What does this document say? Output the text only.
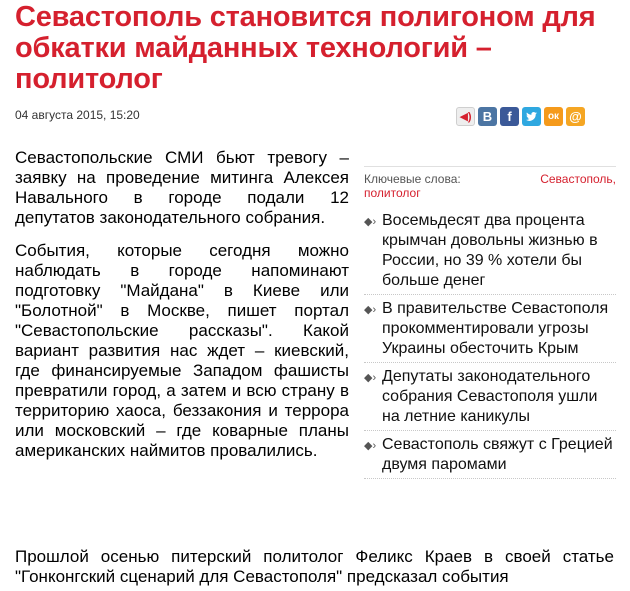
Севастополь становится полигоном для обкатки майданных технологий – политолог
04 августа 2015, 15:20	◀) В	f	ок @

Севастопольские СМИ бьют тревогу – заявку на проведение митинга Алексея Навального в городе подали 12 депутатов законодательного собрания.

События, которые сегодня можно наблюдать в городе напоминают подготовку "Майдана" в Киеве или "Болотной" в Москве, пишет портал "Севастопольские рассказы". Какой вариант развития нас ждет – киевский, где финансируемые Западом фашисты превратили город, а затем и всю страну в территорию хаоса, беззакония и террора или московский – где коварные планы американских наймитов провалились.

Ключевые слова:	Севастополь,
политолог
◆› Восемьдесят два процента крымчан довольны жизнью в России, но 39 % хотели бы больше денег
◆› В правительстве Севастополя прокомментировали угрозы Украины обесточить Крым
◆› Депутаты законодательного собрания Севастополя ушли на летние каникулы
◆› Севастополь свяжут с Грецией двумя паромами

Прошлой осенью питерский политолог Феликс Краев в своей статье "Гонконгский сценарий для Севастополя" предсказал события
